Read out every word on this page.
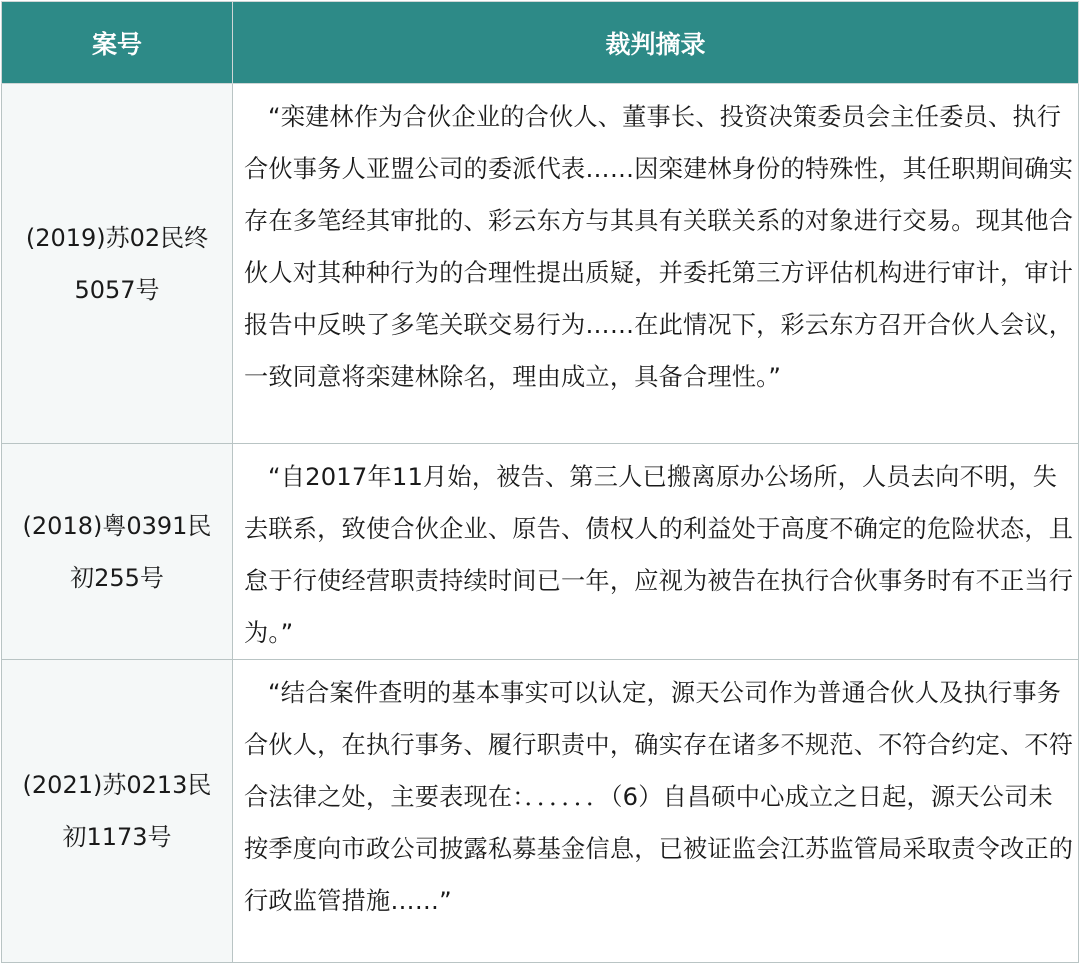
案号	裁判摘录

(2019)苏02民终
5057号	“栾建林作为合伙企业的合伙人、董事长、投资决策委员会主任委员、执行合伙事务人亚盟公司的委派代表……因栾建林身份的特殊性，其任职期间确实存在多笔经其审批的、彩云东方与其具有关联关系的对象进行交易。现其他合伙人对其种种行为的合理性提出质疑，并委托第三方评估机构进行审计，审计报告中反映了多笔关联交易行为……在此情况下，彩云东方召开合伙人会议，一致同意将栾建林除名，理由成立，具备合理性。”

(2018)粤0391民
初255号	“自2017年11月始，被告、第三人已搬离原办公场所，人员去向不明，失去联系，致使合伙企业、原告、债权人的利益处于高度不确定的危险状态，且怠于行使经营职责持续时间已一年，应视为被告在执行合伙事务时有不正当行为。”

(2021)苏0213民
初1173号	“结合案件查明的基本事实可以认定，源天公司作为普通合伙人及执行事务合伙人，在执行事务、履行职责中，确实存在诸多不规范、不符合约定、不符合法律之处，主要表现在：．．．．．．（6）自昌硕中心成立之日起，源天公司未按季度向市政公司披露私募基金信息，已被证监会江苏监管局采取责令改正的行政监管措施……”
